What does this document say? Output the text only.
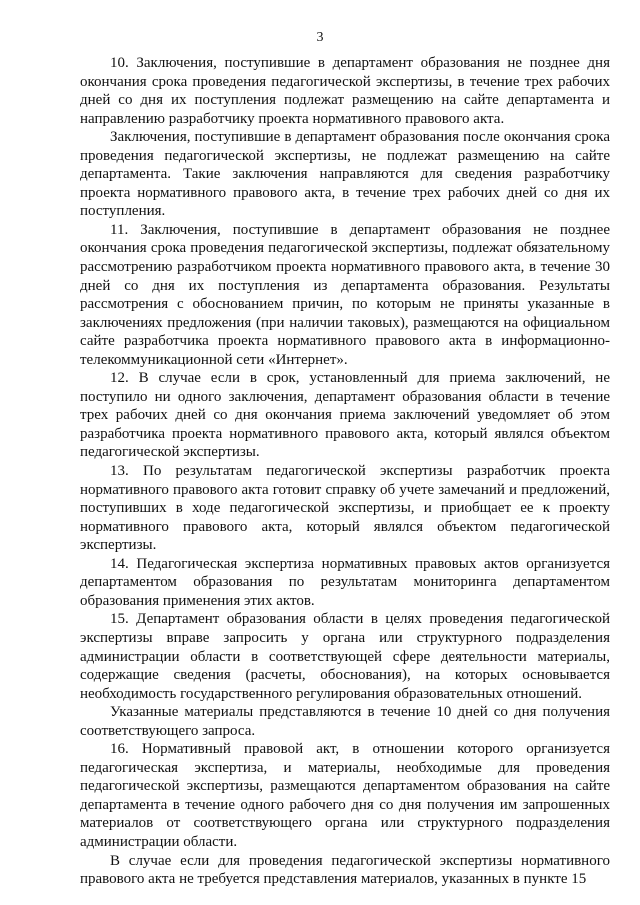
3

10. Заключения, поступившие в департамент образования не позднее дня окончания срока проведения педагогической экспертизы, в течение трех рабочих дней со дня их поступления подлежат размещению на сайте департамента и направлению разработчику проекта нормативного правового акта.

Заключения, поступившие в департамент образования после окончания срока проведения педагогической экспертизы, не подлежат размещению на сайте департамента. Такие заключения направляются для сведения разработчику проекта нормативного правового акта, в течение трех рабочих дней со дня их поступления.

11. Заключения, поступившие в департамент образования не позднее окончания срока проведения педагогической экспертизы, подлежат обязательному рассмотрению разработчиком проекта нормативного правового акта, в течение 30 дней со дня их поступления из департамента образования. Результаты рассмотрения с обоснованием причин, по которым не приняты указанные в заключениях предложения (при наличии таковых), размещаются на официальном сайте разработчика проекта нормативного правового акта в информационно-телекоммуникационной сети «Интернет».

12. В случае если в срок, установленный для приема заключений, не поступило ни одного заключения, департамент образования области в течение трех рабочих дней со дня окончания приема заключений уведомляет об этом разработчика проекта нормативного правового акта, который являлся объектом педагогической экспертизы.

13. По результатам педагогической экспертизы разработчик проекта нормативного правового акта готовит справку об учете замечаний и предложений, поступивших в ходе педагогической экспертизы, и приобщает ее к проекту нормативного правового акта, который являлся объектом педагогической экспертизы.

14. Педагогическая экспертиза нормативных правовых актов организуется департаментом образования по результатам мониторинга департаментом образования применения этих актов.

15. Департамент образования области в целях проведения педагогической экспертизы вправе запросить у органа или структурного подразделения администрации области в соответствующей сфере деятельности материалы, содержащие сведения (расчеты, обоснования), на которых основывается необходимость государственного регулирования образовательных отношений.

Указанные материалы представляются в течение 10 дней со дня получения соответствующего запроса.

16. Нормативный правовой акт, в отношении которого организуется педагогическая экспертиза, и материалы, необходимые для проведения педагогической экспертизы, размещаются департаментом образования на сайте департамента в течение одного рабочего дня со дня получения им запрошенных материалов от соответствующего органа или структурного подразделения администрации области.

В случае если для проведения педагогической экспертизы нормативного правового акта не требуется представления материалов, указанных в пункте 15
